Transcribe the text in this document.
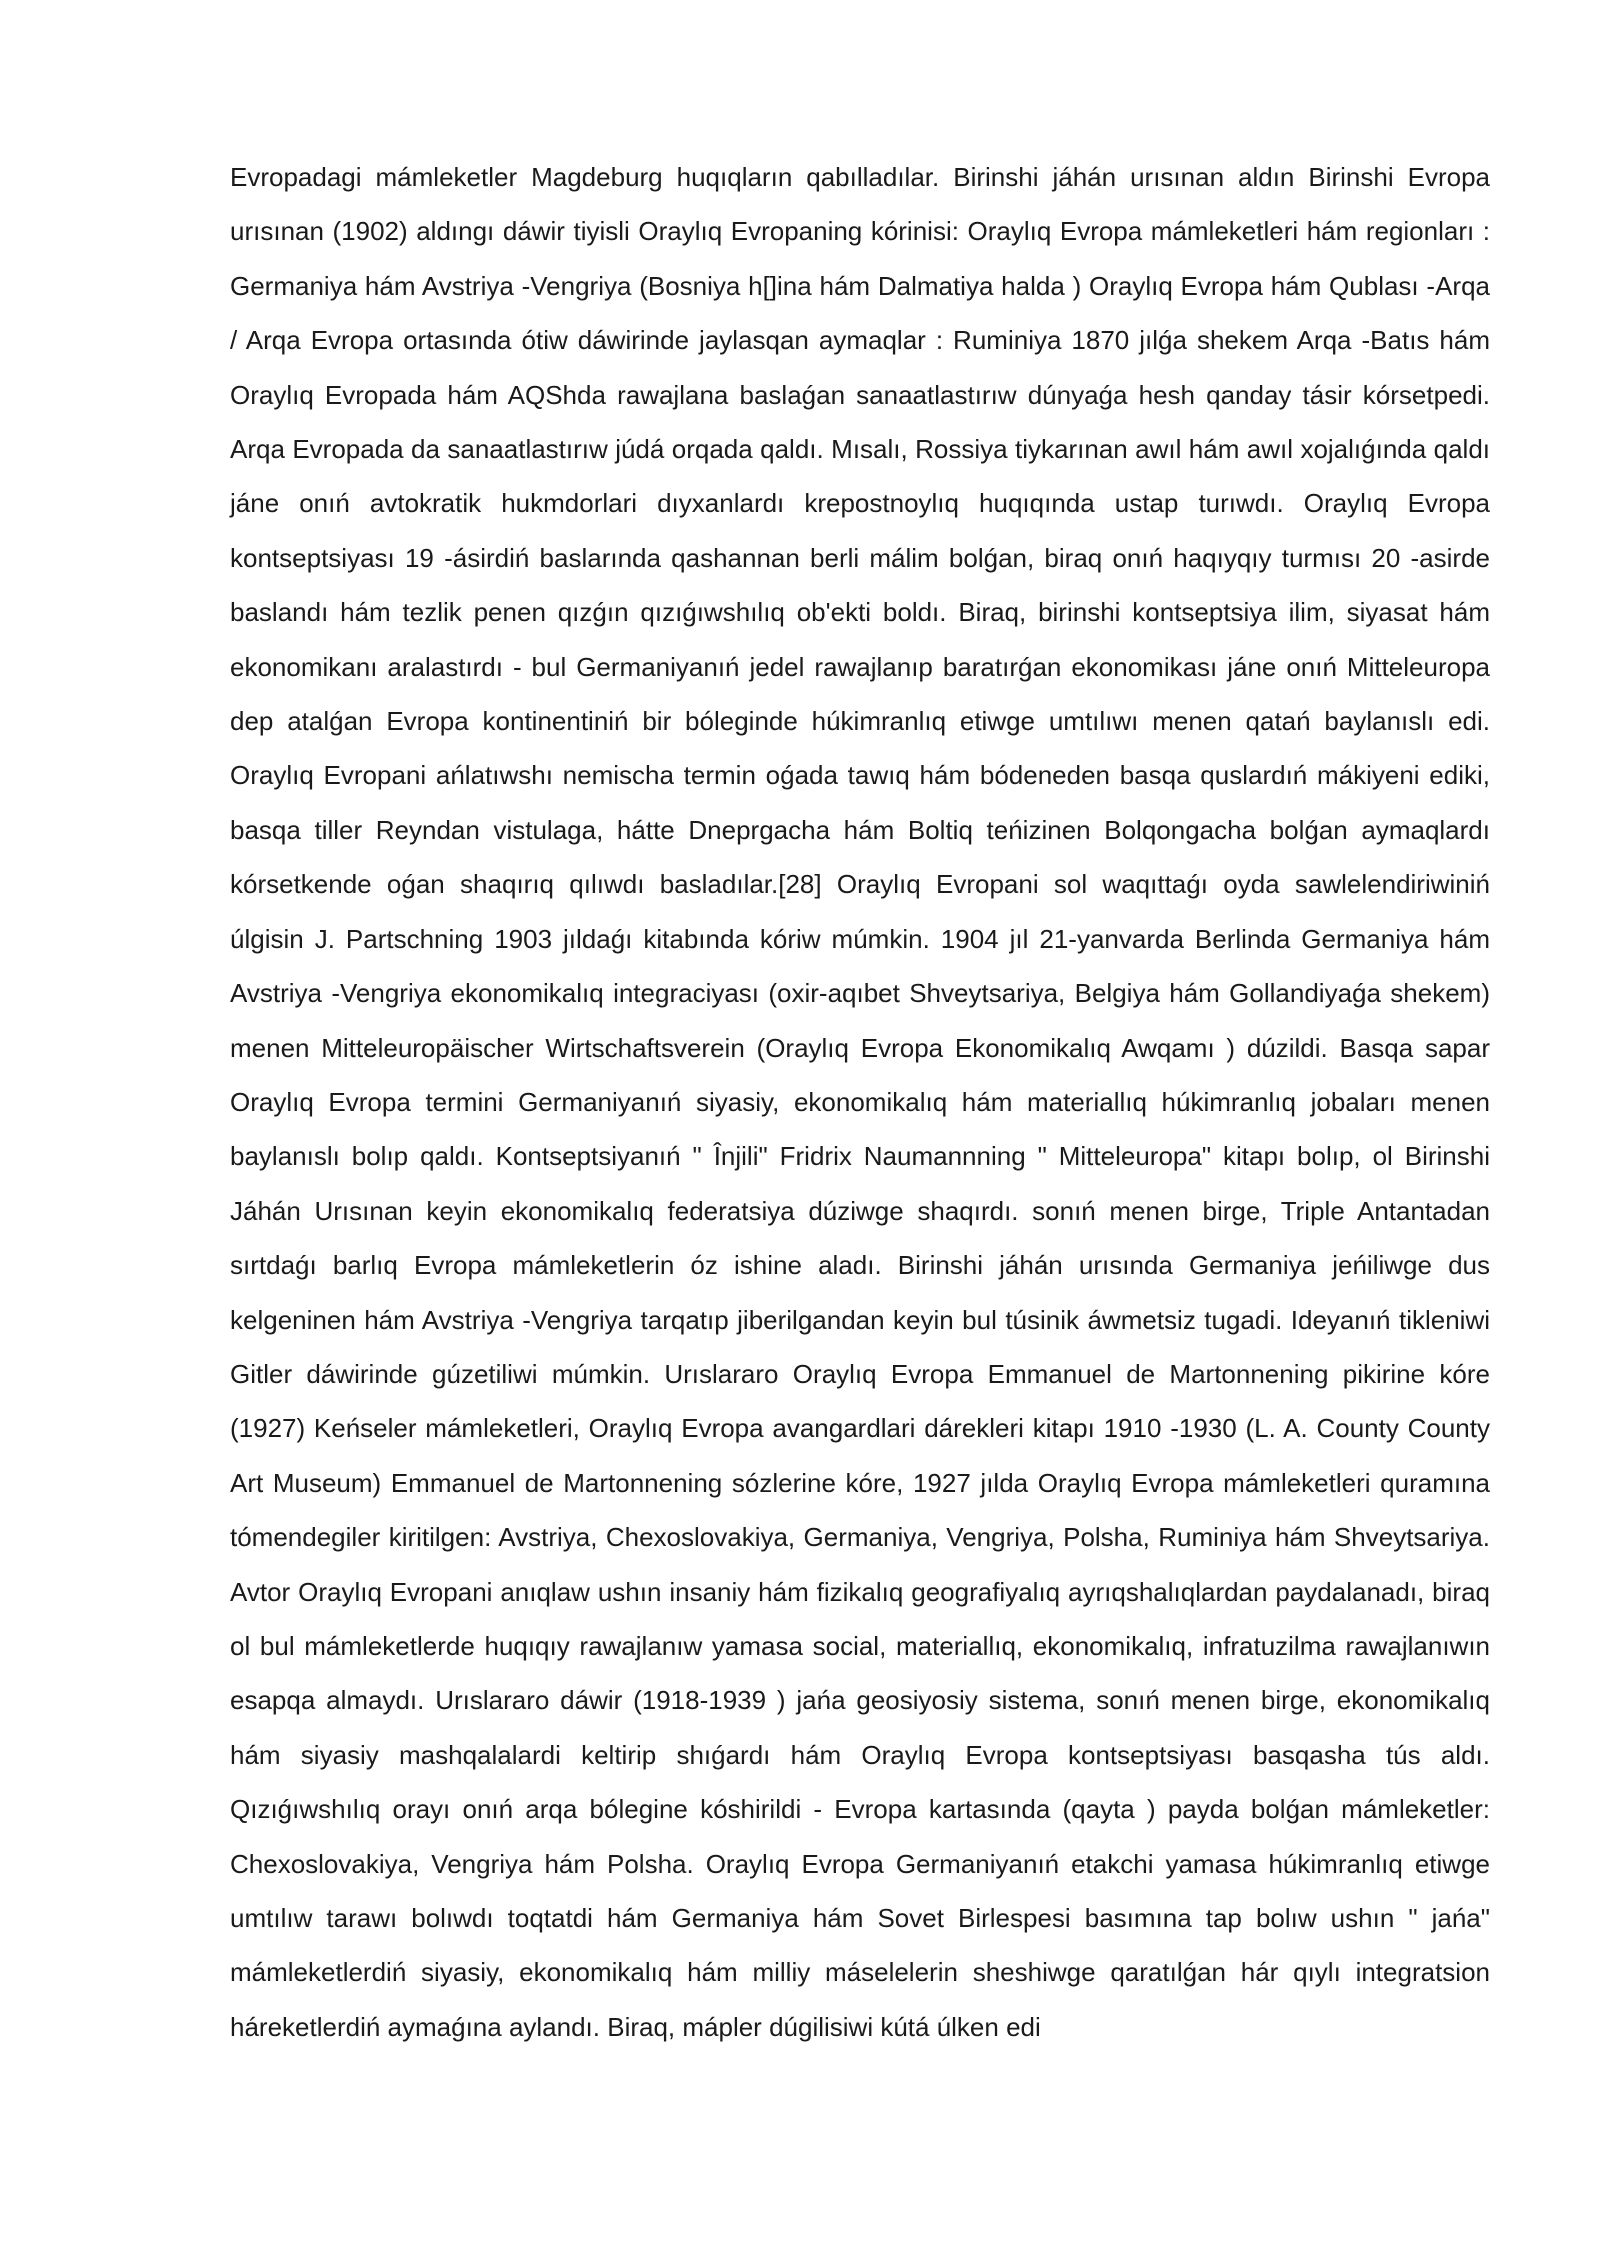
Evropadagi mámleketler Magdeburg huqıqların qabılladılar. Birinshi jáhán urısınan aldın Birinshi Evropa urısınan (1902) aldıngı dáwir tiyisli Oraylıq Evropaning kórinisi: Oraylıq Evropa mámleketleri hám regionları : Germaniya hám Avstriya -Vengriya (Bosniya h[]ina hám Dalmatiya halda ) Oraylıq Evropa hám Qublası -Arqa / Arqa Evropa ortasında ótiw dáwirinde jaylasqan aymaqlar : Ruminiya 1870 jılǵa shekem Arqa -Batıs hám Oraylıq Evropada hám AQShda rawajlana baslaǵan sanaatlastırıw dúnyaǵa hesh qanday tásir kórsetpedi. Arqa Evropada da sanaatlastırıw júdá orqada qaldı. Mısalı, Rossiya tiykarınan awıl hám awıl xojalıǵında qaldı jáne onıń avtokratik hukmdorlari dıyxanlardı krepostnoylıq huqıqında ustap turıwdı. Oraylıq Evropa kontseptsiyası 19 -ásirdiń baslarında qashannan berli málim bolǵan, biraq onıń haqıyqıy turmısı 20 -asirde baslandı hám tezlik penen qızǵın qızıǵıwshılıq ob'ekti boldı. Biraq, birinshi kontseptsiya ilim, siyasat hám ekonomikanı aralastırdı - bul Germaniyanıń jedel rawajlanıp baratırǵan ekonomikası jáne onıń Mitteleuropa dep atalǵan Evropa kontinentiniń bir bóleginde húkimranlıq etiwge umtılıwı menen qatań baylanıslı edi. Oraylıq Evropani ańlatıwshı nemischa termin oǵada tawıq hám bódeneden basqa quslardıń mákiyeni ediki, basqa tiller Reyndan vistulaga, hátte Dneprgacha hám Boltiq teńizinen Bolqongacha bolǵan aymaqlardı kórsetkende oǵan shaqırıq qılıwdı basladılar.[28] Oraylıq Evropani sol waqıttaǵı oyda sawlelendiriwiniń úlgisin J. Partschning 1903 jıldaǵı kitabında kóriw múmkin. 1904 jıl 21-yanvarda Berlinda Germaniya hám Avstriya -Vengriya ekonomikalıq integraciyası (oxir-aqıbet Shveytsariya, Belgiya hám Gollandiyaǵa shekem) menen Mitteleuropäischer Wirtschaftsverein (Oraylıq Evropa Ekonomikalıq Awqamı ) dúzildi. Basqa sapar Oraylıq Evropa termini Germaniyanıń siyasiy, ekonomikalıq hám materiallıq húkimranlıq jobaları menen baylanıslı bolıp qaldı. Kontseptsiyanıń " Înjili" Fridrix Naumannning " Mitteleuropa" kitapı bolıp, ol Birinshi Jáhán Urısınan keyin ekonomikalıq federatsiya dúziwge shaqırdı. sonıń menen birge, Triple Antantadan sırtdaǵı barlıq Evropa mámleketlerin óz ishine aladı. Birinshi jáhán urısında Germaniya jeńiliwge dus kelgeninen hám Avstriya -Vengriya tarqatıp jiberilgandan keyin bul túsinik áwmetsiz tugadi. Ideyanıń tikleniwi Gitler dáwirinde gúzetiliwi múmkin. Urıslararo Oraylıq Evropa Emmanuel de Martonnening pikirine kóre (1927) Keńseler mámleketleri, Oraylıq Evropa avangardlari dárekleri kitapı 1910 -1930 (L. A. County County Art Museum) Emmanuel de Martonnening sózlerine kóre, 1927 jılda Oraylıq Evropa mámleketleri quramına tómendegiler kiritilgen: Avstriya, Chexoslovakiya, Germaniya, Vengriya, Polsha, Ruminiya hám Shveytsariya. Avtor Oraylıq Evropani anıqlaw ushın insaniy hám fizikalıq geografiyalıq ayrıqshalıqlardan paydalanadı, biraq ol bul mámleketlerde huqıqıy rawajlanıw yamasa social, materiallıq, ekonomikalıq, infratuzilma rawajlanıwın esapqa almaydı. Urıslararo dáwir (1918-1939 ) jańa geosiyosiy sistema, sonıń menen birge, ekonomikalıq hám siyasiy mashqalalardi keltirip shıǵardı hám Oraylıq Evropa kontseptsiyası basqasha tús aldı. Qızıǵıwshılıq orayı onıń arqa bólegine kóshirildi - Evropa kartasında (qayta ) payda bolǵan mámleketler: Chexoslovakiya, Vengriya hám Polsha. Oraylıq Evropa Germaniyanıń etakchi yamasa húkimranlıq etiwge umtılıw tarawı bolıwdı toqtatdi hám Germaniya hám Sovet Birlespesi basımına tap bolıw ushın " jańa" mámleketlerdiń siyasiy, ekonomikalıq hám milliy máselelerin sheshiwge qaratılǵan hár qıylı integratsion háreketlerdiń aymaǵına aylandı. Biraq, mápler dúgilisiwi kútá úlken edi
